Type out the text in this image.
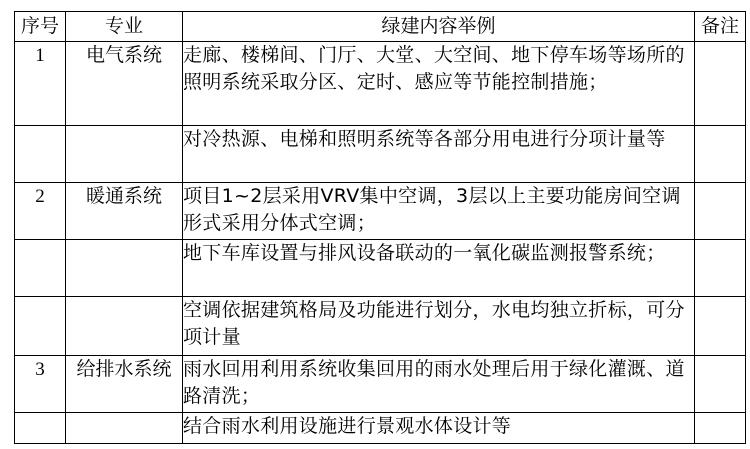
序号	专业	绿建内容举例	备注
1	电气系统	走廊、楼梯间、门厅、大堂、大空间、地下停车场等场所的照明系统采取分区、定时、感应等节能控制措施；	
		对冷热源、电梯和照明系统等各部分用电进行分项计量等	
2	暖通系统	项目1~2层采用VRV集中空调，3层以上主要功能房间空调形式采用分体式空调；	
		地下车库设置与排风设备联动的一氧化碳监测报警系统；	
		空调依据建筑格局及功能进行划分，水电均独立折标，可分项计量	
3	给排水系统	雨水回用利用系统收集回用的雨水处理后用于绿化灌溉、道路清洗；	
		结合雨水利用设施进行景观水体设计等	
